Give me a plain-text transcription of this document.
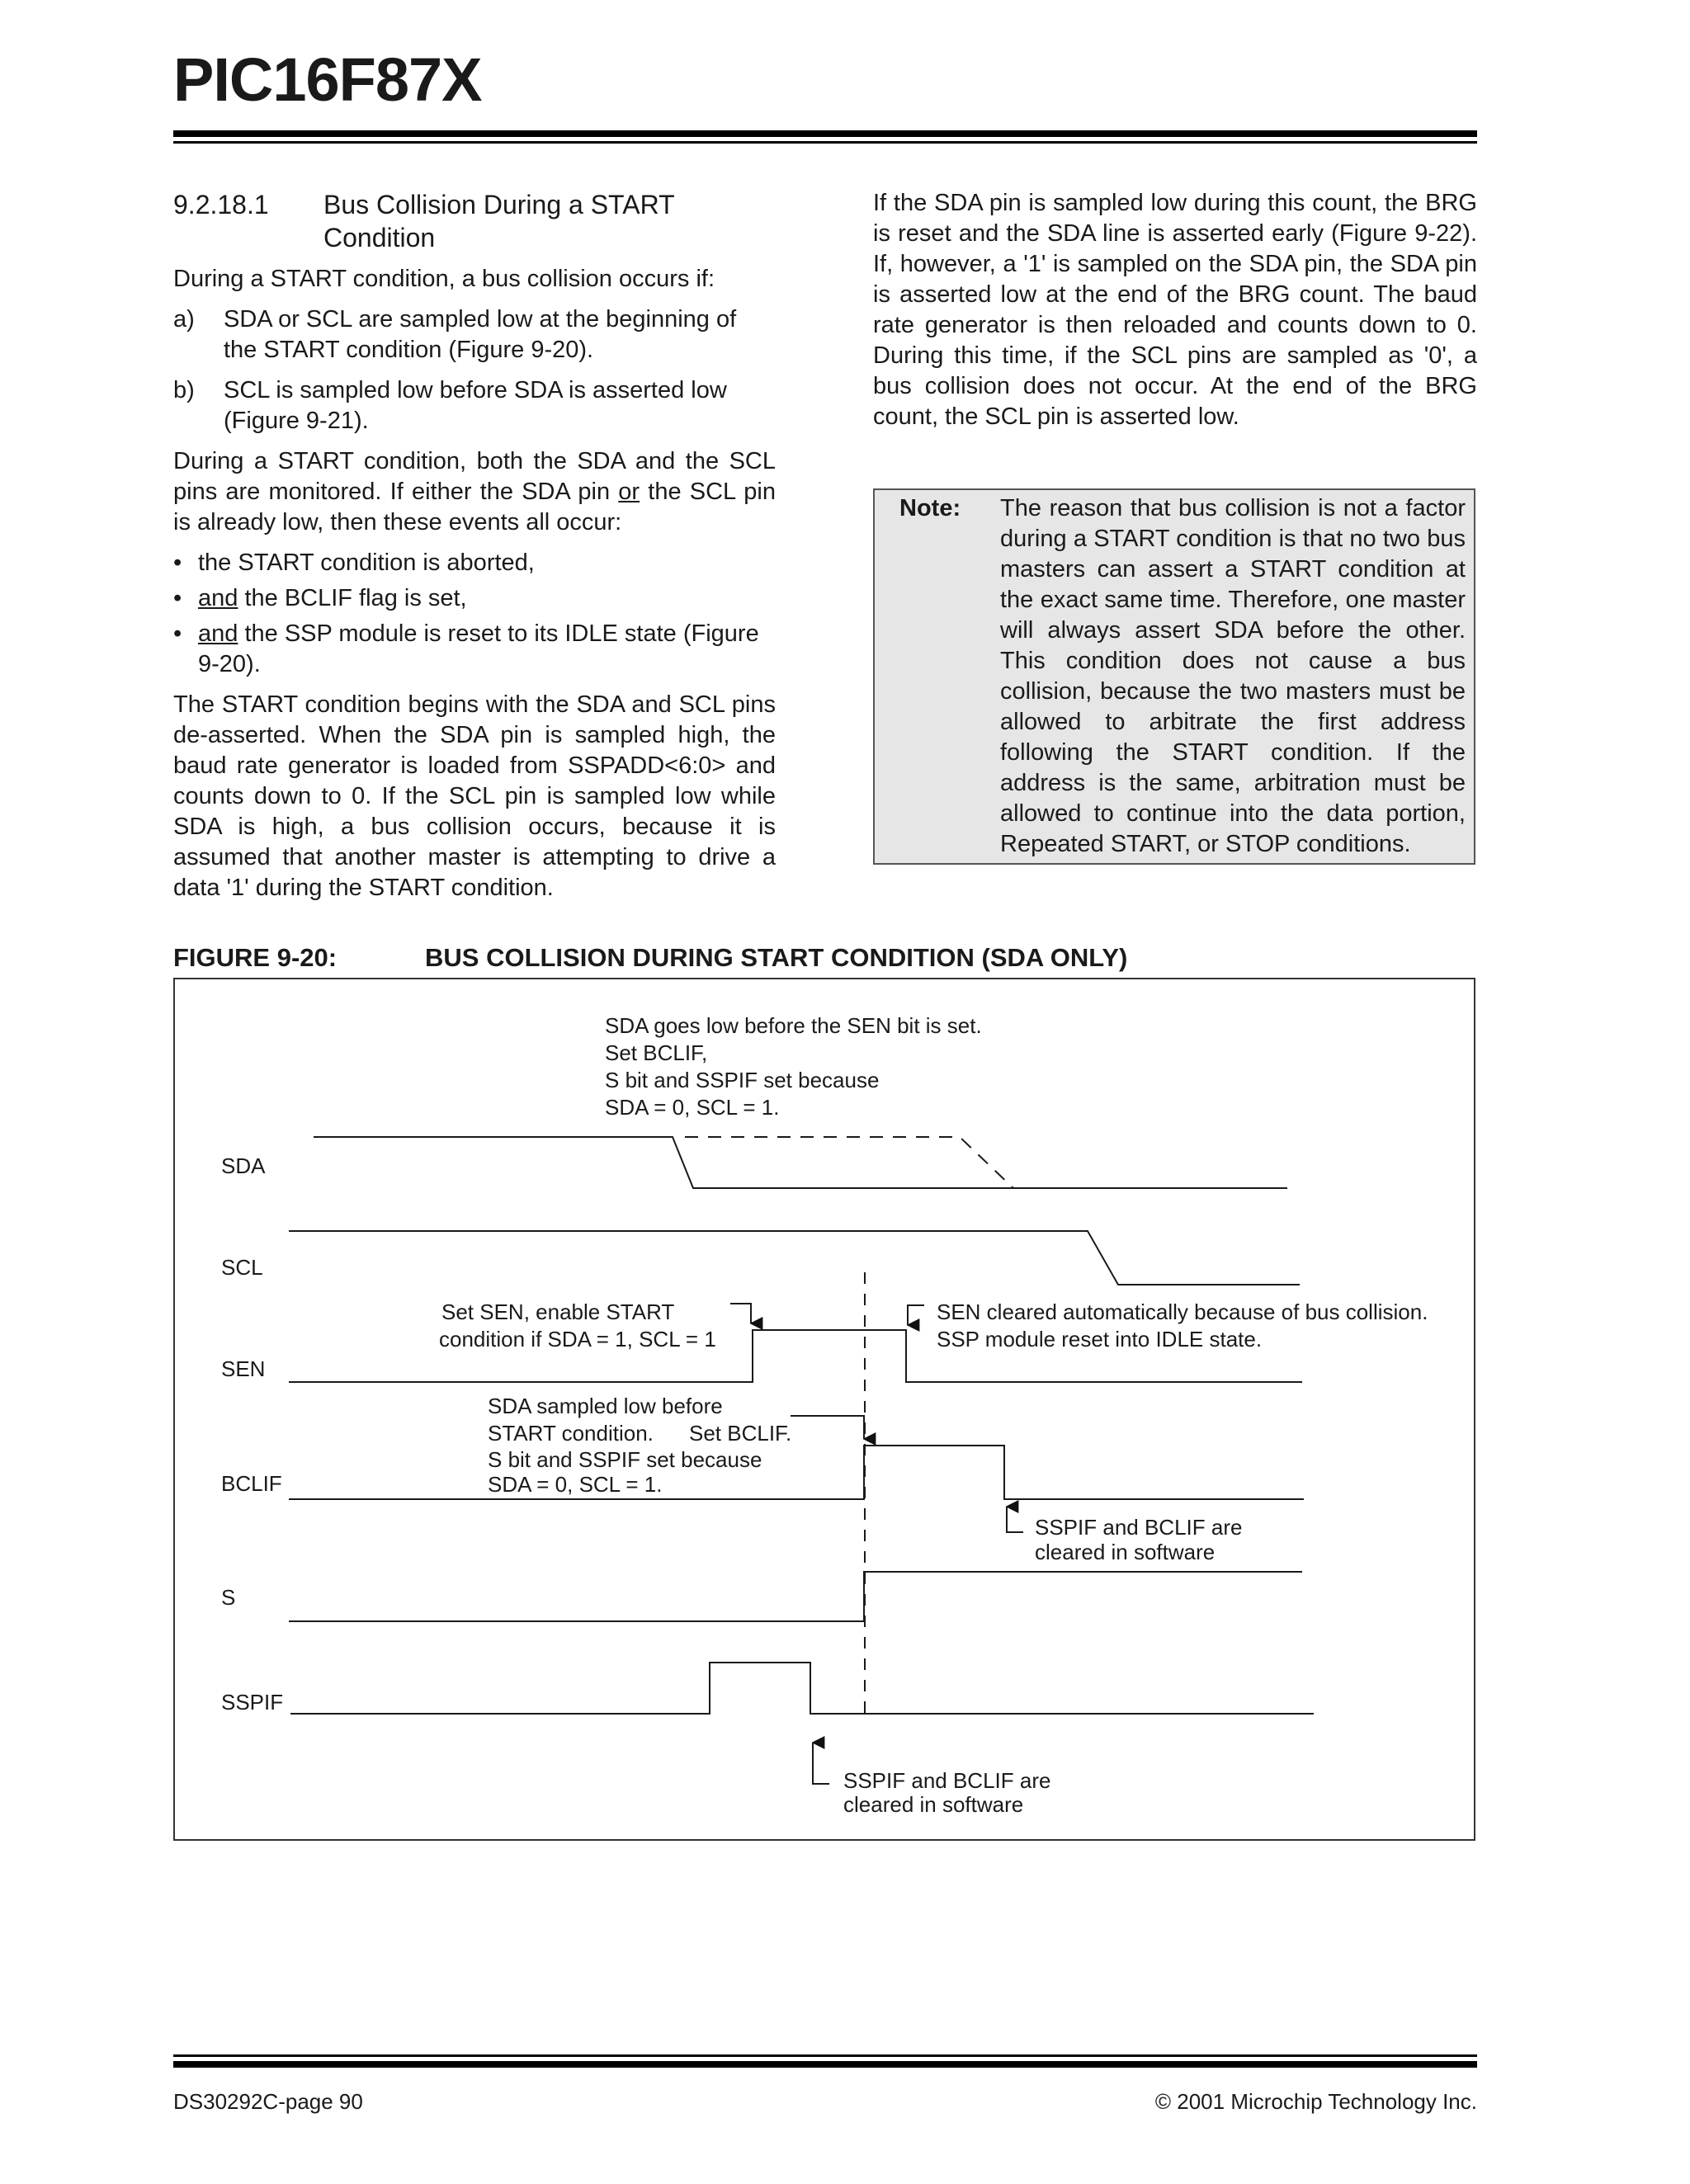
PIC16F87X
9.2.18.1	Bus Collision During a START Condition

During a START condition, a bus collision occurs if:

a)	SDA or SCL are sampled low at the beginning of the START condition (Figure 9-20).
b)	SCL is sampled low before SDA is asserted low (Figure 9-21).

During a START condition, both the SDA and the SCL pins are monitored. If either the SDA pin or the SCL pin is already low, then these events all occur:

• the START condition is aborted,
• and the BCLIF flag is set,
• and the SSP module is reset to its IDLE state (Figure 9-20).

The START condition begins with the SDA and SCL pins de-asserted. When the SDA pin is sampled high, the baud rate generator is loaded from SSPADD<6:0> and counts down to 0. If the SCL pin is sampled low while SDA is high, a bus collision occurs, because it is assumed that another master is attempting to drive a data '1' during the START condition.

If the SDA pin is sampled low during this count, the BRG is reset and the SDA line is asserted early (Figure 9-22). If, however, a '1' is sampled on the SDA pin, the SDA pin is asserted low at the end of the BRG count. The baud rate generator is then reloaded and counts down to 0. During this time, if the SCL pins are sampled as '0', a bus collision does not occur. At the end of the BRG count, the SCL pin is asserted low.

Note:	The reason that bus collision is not a factor during a START condition is that no two bus masters can assert a START condition at the exact same time. Therefore, one master will always assert SDA before the other. This condition does not cause a bus collision, because the two masters must be allowed to arbitrate the first address following the START condition. If the address is the same, arbitration must be allowed to continue into the data portion, Repeated START, or STOP conditions.
FIGURE 9-20:	BUS COLLISION DURING START CONDITION (SDA ONLY)
SDA
SCL
SEN
BCLIF
S
SSPIF
SDA goes low before the SEN bit is set. Set BCLIF, S bit and SSPIF set because SDA = 0, SCL = 1.
Set SEN, enable START condition if SDA = 1, SCL = 1
SEN cleared automatically because of bus collision. SSP module reset into IDLE state.
SDA sampled low before START condition. Set BCLIF. S bit and SSPIF set because SDA = 0, SCL = 1.
SSPIF and BCLIF are cleared in software
SSPIF and BCLIF are cleared in software
DS30292C-page 90	© 2001 Microchip Technology Inc.
